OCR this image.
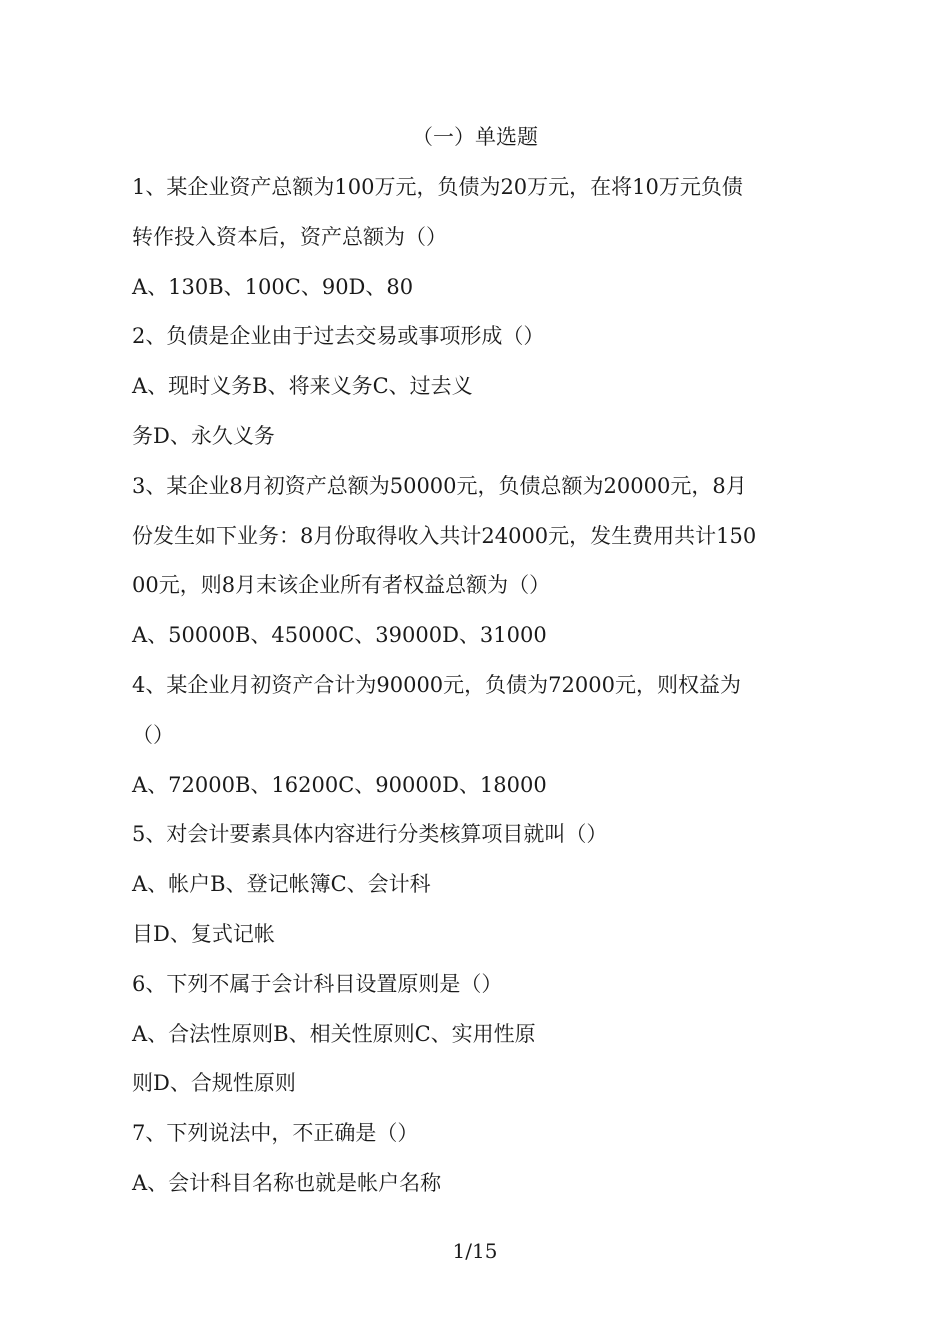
（一）单选题
1、某企业资产总额为100万元，负债为20万元，在将10万元负债
转作投入资本后，资产总额为（）
A、130B、100C、90D、80
2、负债是企业由于过去交易或事项形成（）
A、现时义务B、将来义务C、过去义
务D、永久义务
3、某企业8月初资产总额为50000元，负债总额为20000元，8月
份发生如下业务：8月份取得收入共计24000元，发生费用共计150
00元，则8月末该企业所有者权益总额为（）
A、50000B、45000C、39000D、31000
4、某企业月初资产合计为90000元，负债为72000元，则权益为
（）
A、72000B、16200C、90000D、18000
5、对会计要素具体内容进行分类核算项目就叫（）
A、帐户B、登记帐簿C、会计科
目D、复式记帐
6、下列不属于会计科目设置原则是（）
A、合法性原则B、相关性原则C、实用性原
则D、合规性原则
7、下列说法中，不正确是（）
A、会计科目名称也就是帐户名称
1/15
